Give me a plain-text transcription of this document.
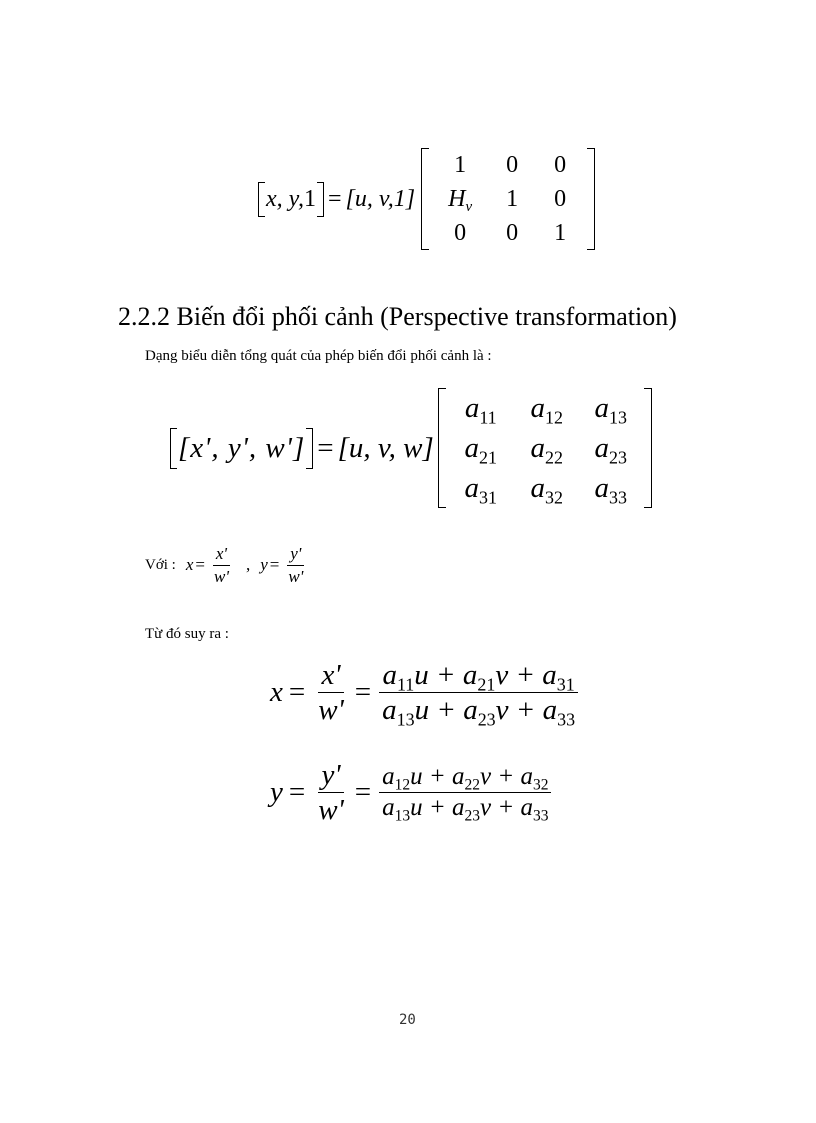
x, y,1 = [u, v,1]
1	0	0
$H_v$	1	0
0	0	1
2.2.2 Biến đổi phối cảnh (Perspective transformation)
Dạng biểu diễn tổng quát của phép biến đổi phối cảnh là :
[x', y', w'] = [u, v, w]
$a_{11}$	$a_{12}$	$a_{13}$
$a_{21}$	$a_{22}$	$a_{23}$
$a_{31}$	$a_{32}$	$a_{33}$
Với : $x = \frac{x'}{w'}$ , $y = \frac{y'}{w'}$
Từ đó suy ra :
$x = \frac{x'}{w'} = \frac{a_{11}u + a_{21}v + a_{31}}{a_{13}u + a_{23}v + a_{33}}$
$y = \frac{y'}{w'} = \frac{a_{12}u + a_{22}v + a_{32}}{a_{13}u + a_{23}v + a_{33}}$
20
